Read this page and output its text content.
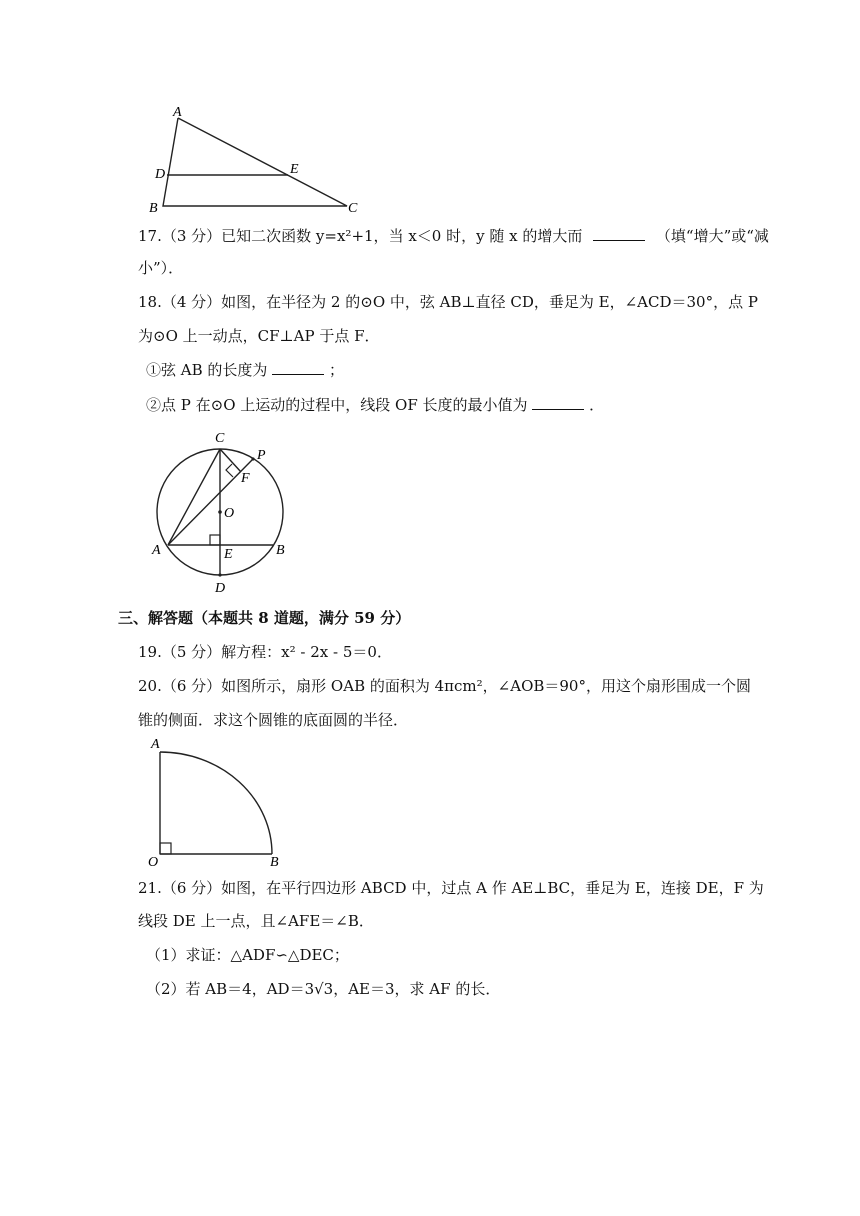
A
D	E
B	C
17.（3 分）已知二次函数 y=x²+1，当 x＜0 时，y 随 x 的增大而	（填“增大”或“减
小”）．
18.（4 分）如图，在半径为 2 的⊙O 中，弦 AB⊥直径 CD，垂足为 E，∠ACD＝30°，点 P
为⊙O 上一动点，CF⊥AP 于点 F．
①弦 AB 的长度为	；
②点 P 在⊙O 上运动的过程中，线段 OF 长度的最小值为	．
C
P
F
O
A	E	B
D
三、解答题（本题共 8 道题，满分 59 分）
19.（5 分）解方程：x² - 2x - 5＝0．
20.（6 分）如图所示，扇形 OAB 的面积为 4πcm²，∠AOB＝90°，用这个扇形围成一个圆
锥的侧面．求这个圆锥的底面圆的半径．
A
O	B
21.（6 分）如图，在平行四边形 ABCD 中，过点 A 作 AE⊥BC，垂足为 E，连接 DE，F 为
线段 DE 上一点，且∠AFE＝∠B．
（1）求证：△ADF∽△DEC；
（2）若 AB＝4，AD＝3√3，AE＝3，求 AF 的长．
